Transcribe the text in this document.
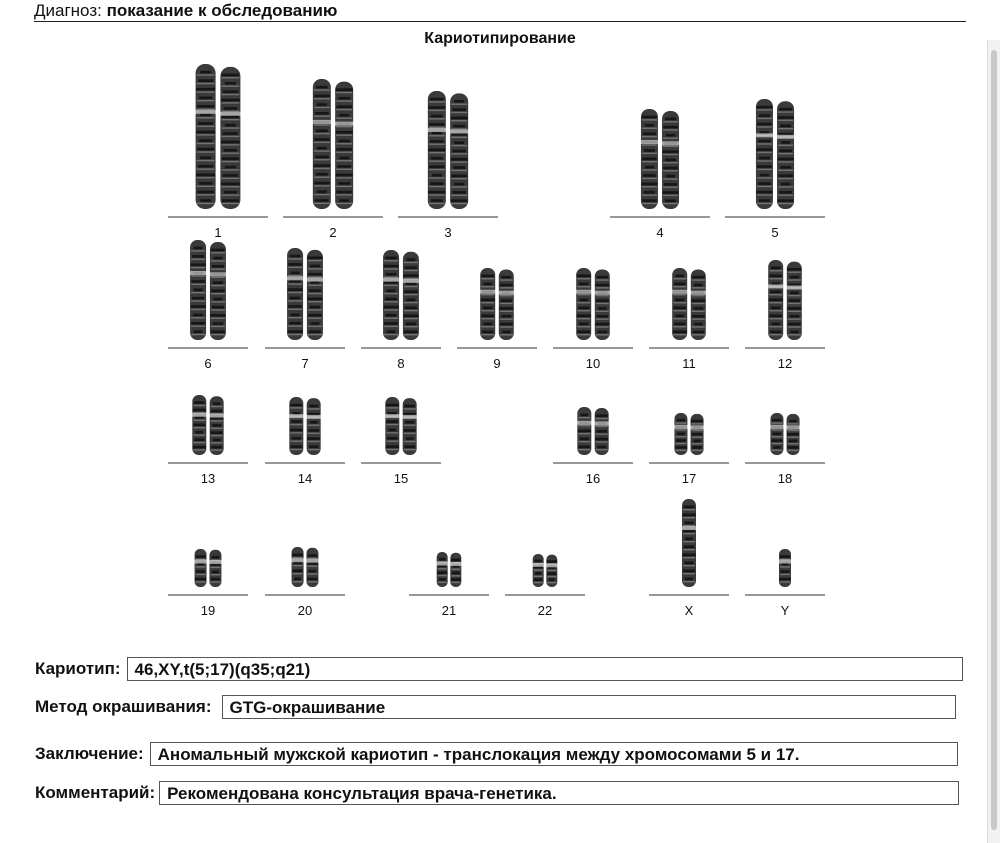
Диагноз: показание к обследованию
Кариотипирование
1	2	3	4	5
6	7	8	9	10	11	12
13	14	15	16	17	18
19	20	21	22	X	Y
Кариотип: 46,XY,t(5;17)(q35;q21)
Метод окрашивания:	GTG-окрашивание
Заключение: Аномальный мужской кариотип - транслокация между хромосомами 5 и 17.
Комментарий: Рекомендована консультация врача-генетика.
